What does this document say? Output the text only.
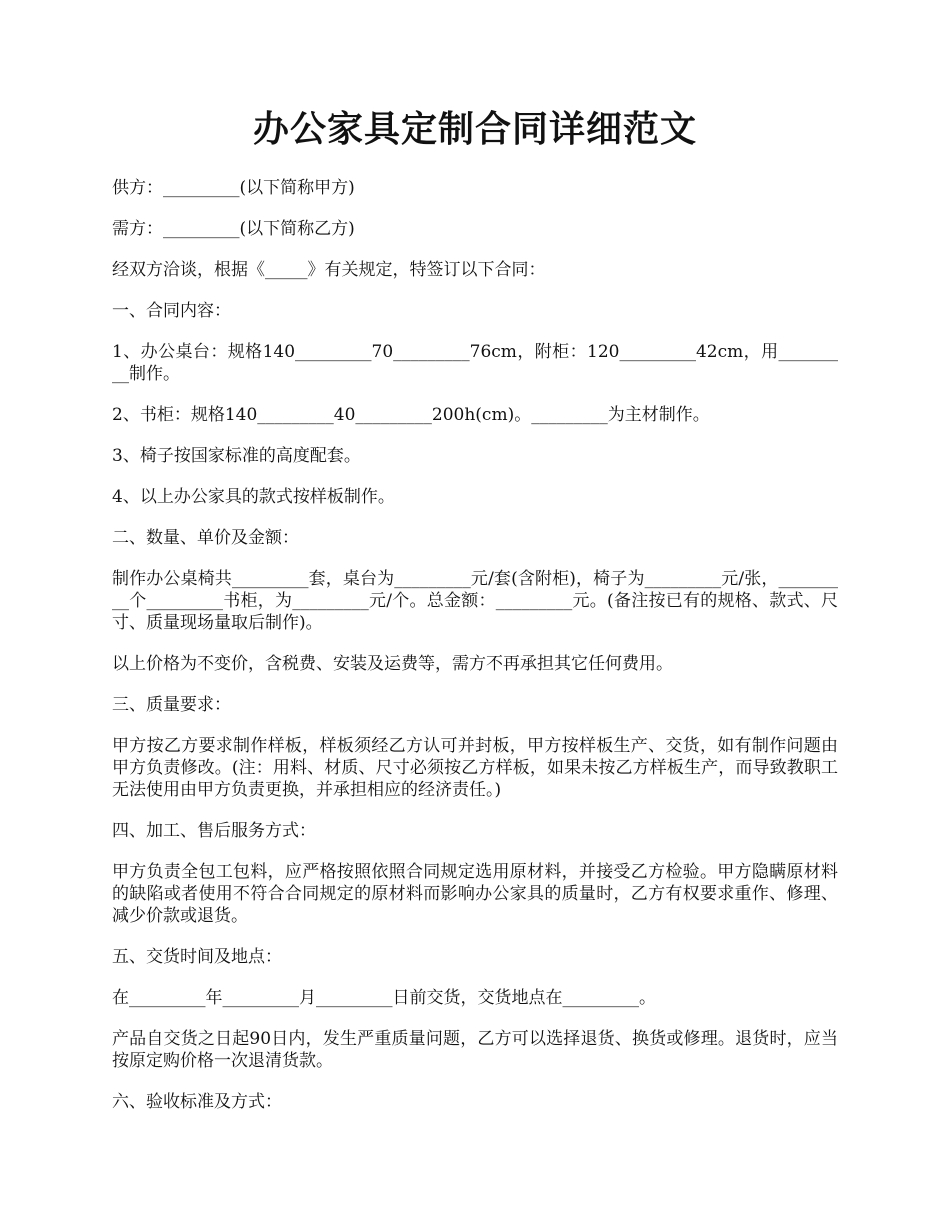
办公家具定制合同详细范文

供方：_________(以下简称甲方)

需方：_________(以下简称乙方)

经双方洽谈，根据《_____》有关规定，特签订以下合同：

一、合同内容：

1、办公桌台：规格140_________70_________76cm，附柜：120_________42cm，用_________制作。

2、书柜：规格140_________40_________200h(cm)。_________为主材制作。

3、椅子按国家标准的高度配套。

4、以上办公家具的款式按样板制作。

二、数量、单价及金额：

制作办公桌椅共_________套，桌台为_________元/套(含附柜)，椅子为_________元/张，_________个_________书柜，为_________元/个。总金额：_________元。(备注按已有的规格、款式、尺寸、质量现场量取后制作)。

以上价格为不变价，含税费、安装及运费等，需方不再承担其它任何费用。

三、质量要求：

甲方按乙方要求制作样板，样板须经乙方认可并封板，甲方按样板生产、交货，如有制作问题由甲方负责修改。(注：用料、材质、尺寸必须按乙方样板，如果未按乙方样板生产，而导致教职工无法使用由甲方负责更换，并承担相应的经济责任。)

四、加工、售后服务方式：

甲方负责全包工包料，应严格按照依照合同规定选用原材料，并接受乙方检验。甲方隐瞒原材料的缺陷或者使用不符合合同规定的原材料而影响办公家具的质量时，乙方有权要求重作、修理、减少价款或退货。

五、交货时间及地点：

在_________年_________月_________日前交货，交货地点在_________。

产品自交货之日起90日内，发生严重质量问题，乙方可以选择退货、换货或修理。退货时，应当按原定购价格一次退清货款。

六、验收标准及方式：
